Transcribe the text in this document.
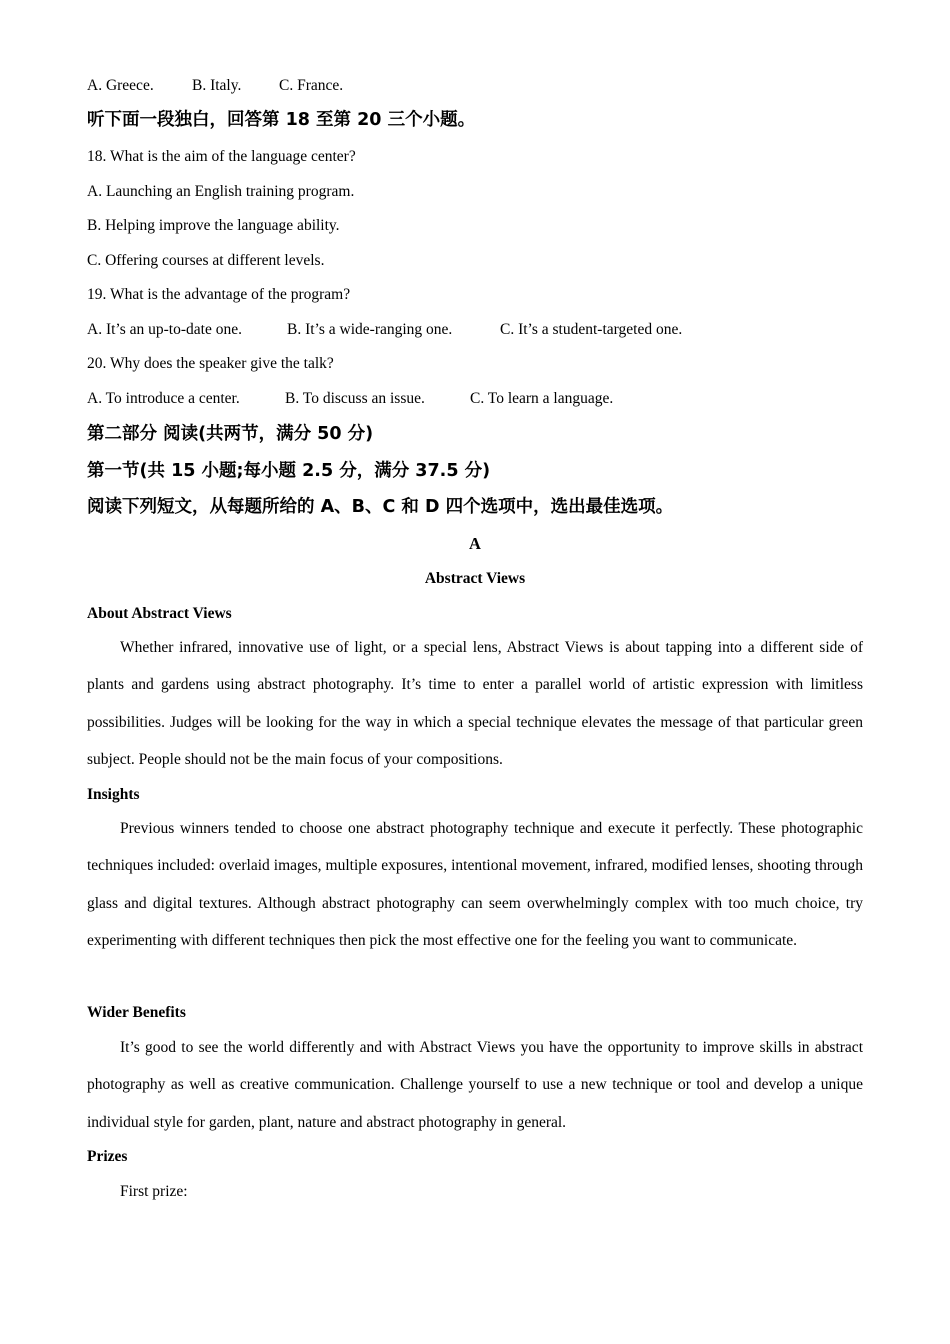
A. Greece. B. Italy. C. France.
听下面一段独白，回答第 18 至第 20 三个小题。
18. What is the aim of the language center?
A. Launching an English training program.
B. Helping improve the language ability.
C. Offering courses at different levels.
19. What is the advantage of the program?
A. It’s an up-to-date one.	B. It’s a wide-ranging one.	C. It’s a student-targeted one.
20. Why does the speaker give the talk?
A. To introduce a center.	B. To discuss an issue.	C. To learn a language.
第二部分 阅读(共两节，满分 50 分)
第一节(共 15 小题;每小题 2.5 分，满分 37.5 分)
阅读下列短文，从每题所给的 A、B、C 和 D 四个选项中，选出最佳选项。
A
Abstract Views
About Abstract Views
Whether infrared, innovative use of light, or a special lens, Abstract Views is about tapping into a different side of plants and gardens using abstract photography. It’s time to enter a parallel world of artistic expression with limitless possibilities. Judges will be looking for the way in which a special technique elevates the message of that particular green subject. People should not be the main focus of your compositions.
Insights
Previous winners tended to choose one abstract photography technique and execute it perfectly. These photographic techniques included: overlaid images, multiple exposures, intentional movement, infrared, modified lenses, shooting through glass and digital textures. Although abstract photography can seem overwhelmingly complex with too much choice, try experimenting with different techniques then pick the most effective one for the feeling you want to communicate.
Wider Benefits
It’s good to see the world differently and with Abstract Views you have the opportunity to improve skills in abstract photography as well as creative communication. Challenge yourself to use a new technique or tool and develop a unique individual style for garden, plant, nature and abstract photography in general.
Prizes
First prize:
